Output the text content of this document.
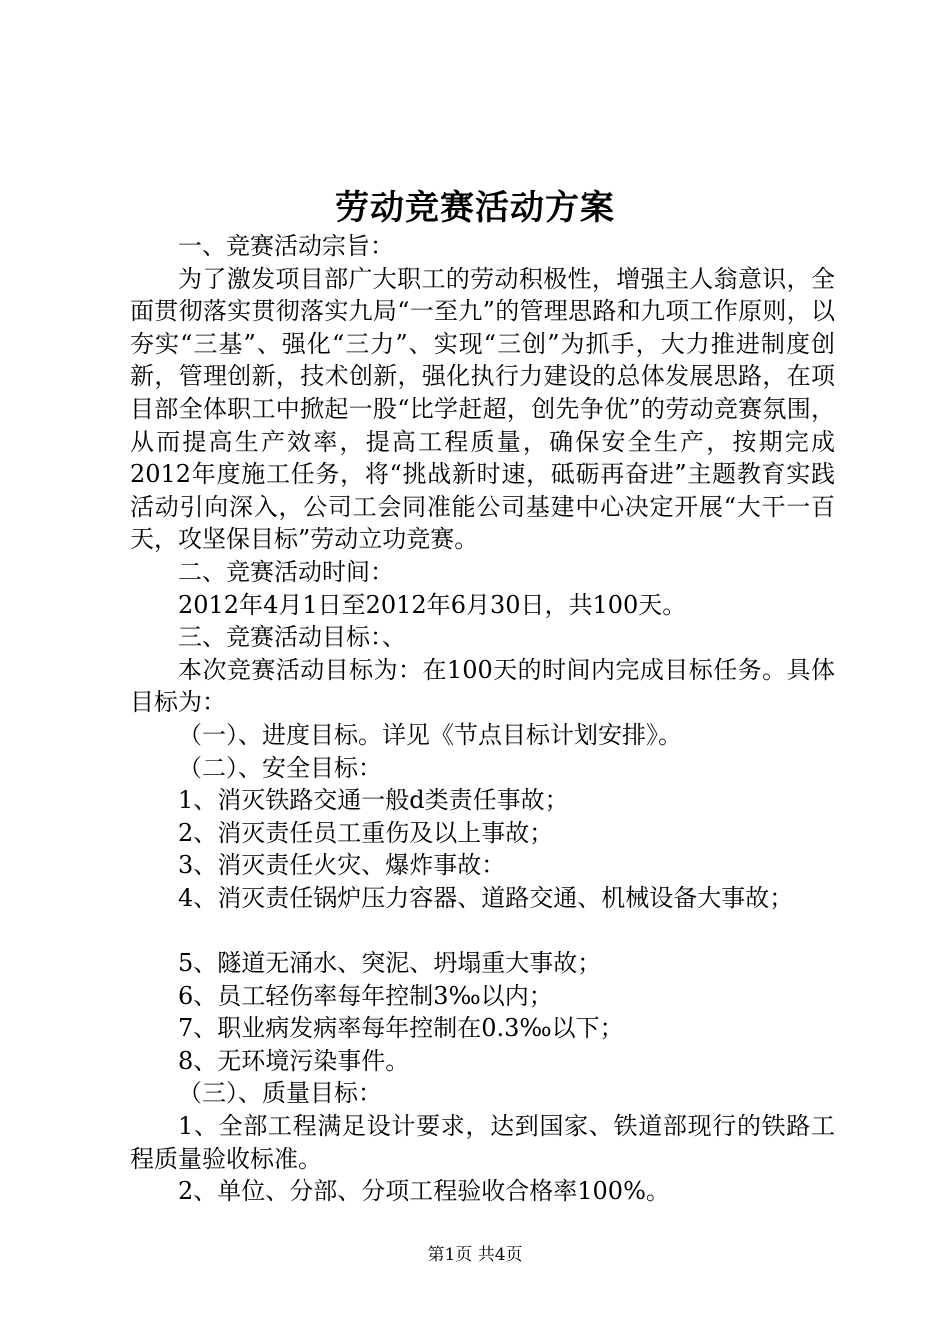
劳动竞赛活动方案

一、竞赛活动宗旨：

为了激发项目部广大职工的劳动积极性，增强主人翁意识，全面贯彻落实贯彻落实九局“一至九”的管理思路和九项工作原则，以夯实“三基”、强化“三力”、实现“三创”为抓手，大力推进制度创新，管理创新，技术创新，强化执行力建设的总体发展思路，在项目部全体职工中掀起一股“比学赶超，创先争优”的劳动竞赛氛围，从而提高生产效率，提高工程质量，确保安全生产，按期完成2012年度施工任务，将“挑战新时速，砥砺再奋进”主题教育实践活动引向深入，公司工会同准能公司基建中心决定开展“大干一百天，攻坚保目标”劳动立功竞赛。

二、竞赛活动时间：

2012年4月1日至2012年6月30日，共100天。

三、竞赛活动目标：、

本次竞赛活动目标为：在100天的时间内完成目标任务。具体目标为：

（一）、进度目标。详见《节点目标计划安排》。

（二）、安全目标：

1、消灭铁路交通一般d类责任事故；

2、消灭责任员工重伤及以上事故；

3、消灭责任火灾、爆炸事故：

4、消灭责任锅炉压力容器、道路交通、机械设备大事故；

5、隧道无涌水、突泥、坍塌重大事故；

6、员工轻伤率每年控制3‰以内；

7、职业病发病率每年控制在0.3‰以下；

8、无环境污染事件。

（三）、质量目标：

1、全部工程满足设计要求，达到国家、铁道部现行的铁路工程质量验收标准。

2、单位、分部、分项工程验收合格率100%。

第1页 共4页
